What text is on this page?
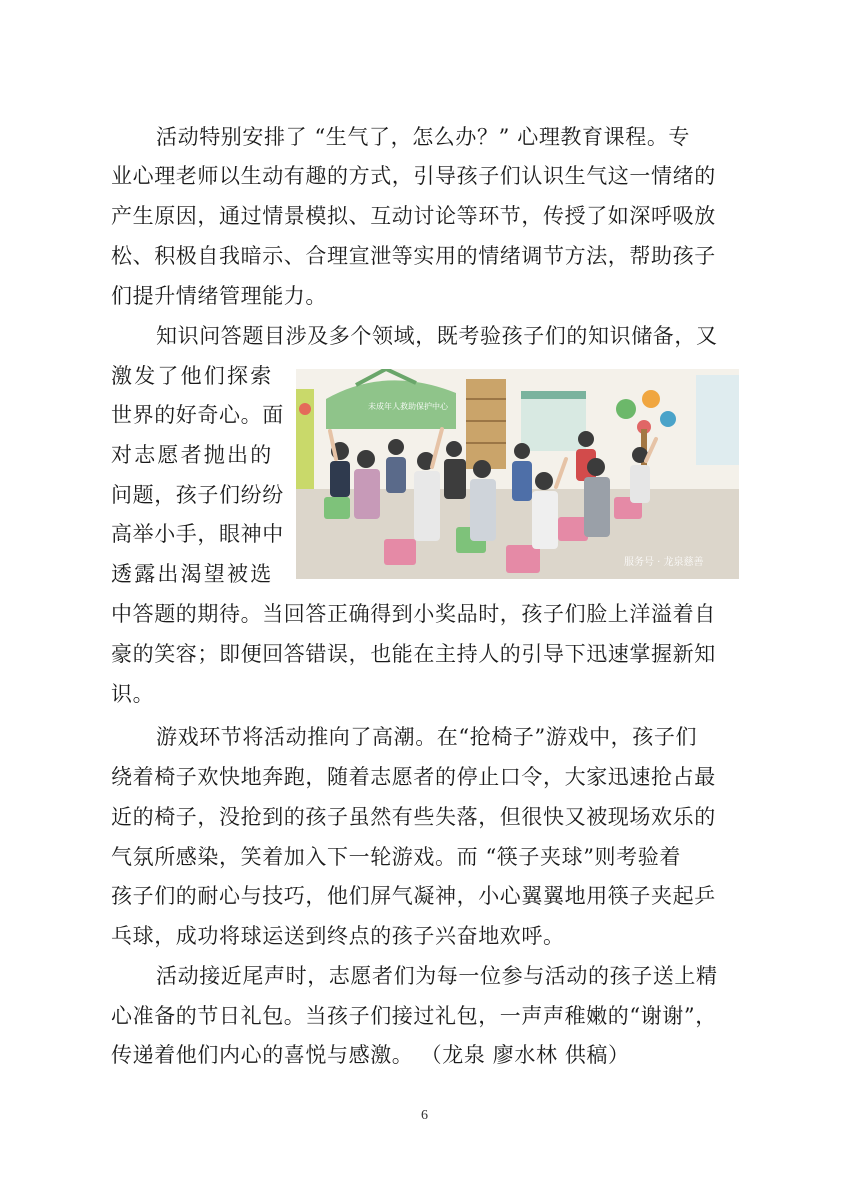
活动特别安排了 “生气了，怎么办？” 心理教育课程。专
业心理老师以生动有趣的方式，引导孩子们认识生气这一情绪的
产生原因，通过情景模拟、互动讨论等环节，传授了如深呼吸放
松、积极自我暗示、合理宣泄等实用的情绪调节方法，帮助孩子
们提升情绪管理能力。
知识问答题目涉及多个领域，既考验孩子们的知识储备，又
激发了他们探索
世界的好奇心。面
对志愿者抛出的
问题，孩子们纷纷
高举小手，眼神中
透露出渴望被选
中答题的期待。当回答正确得到小奖品时，孩子们脸上洋溢着自
豪的笑容；即便回答错误，也能在主持人的引导下迅速掌握新知
识。
未成年人救助保护中心
服务号 · 龙泉慈善
游戏环节将活动推向了高潮。在“抢椅子”游戏中，孩子们
绕着椅子欢快地奔跑，随着志愿者的停止口令，大家迅速抢占最
近的椅子，没抢到的孩子虽然有些失落，但很快又被现场欢乐的
气氛所感染，笑着加入下一轮游戏。而 “筷子夹球”则考验着
孩子们的耐心与技巧，他们屏气凝神，小心翼翼地用筷子夹起乒
乓球，成功将球运送到终点的孩子兴奋地欢呼。
活动接近尾声时，志愿者们为每一位参与活动的孩子送上精
心准备的节日礼包。当孩子们接过礼包，一声声稚嫩的“谢谢”，
传递着他们内心的喜悦与感激。 （龙泉 廖水林 供稿）
6
